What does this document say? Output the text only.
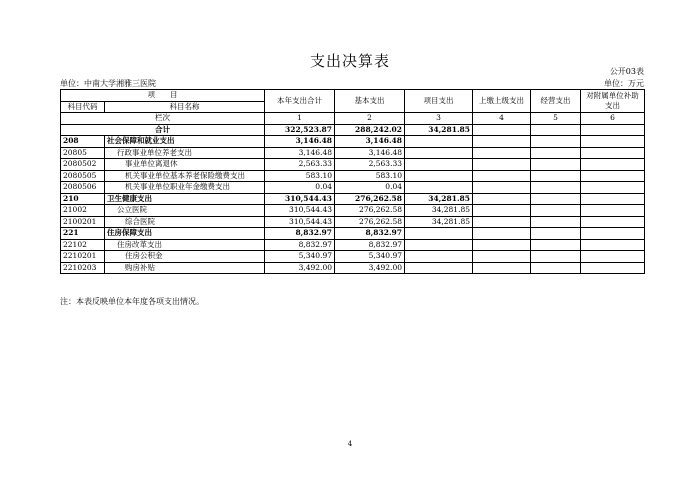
支出决算表
公开03表
单位：中南大学湘雅三医院	单位：万元
项　　目		本年支出合计	基本支出	项目支出	上缴上级支出	经营支出	对附属单位补助支出
科目代码	科目名称						
栏次		1	2	3	4	5	6
合计		322,523.87	288,242.02	34,281.85			
208	社会保障和就业支出	3,146.48	3,146.48				
20805	行政事业单位养老支出	3,146.48	3,146.48				
2080502	事业单位离退休	2,563.33	2,563.33				
2080505	机关事业单位基本养老保险缴费支出	583.10	583.10				
2080506	机关事业单位职业年金缴费支出	0.04	0.04				
210	卫生健康支出	310,544.43	276,262.58	34,281.85			
21002	公立医院	310,544.43	276,262.58	34,281.85			
2100201	综合医院	310,544.43	276,262.58	34,281.85			
221	住房保障支出	8,832.97	8,832.97				
22102	住房改革支出	8,832.97	8,832.97				
2210201	住房公积金	5,340.97	5,340.97				
2210203	购房补贴	3,492.00	3,492.00				
注：本表反映单位本年度各项支出情况。
4
